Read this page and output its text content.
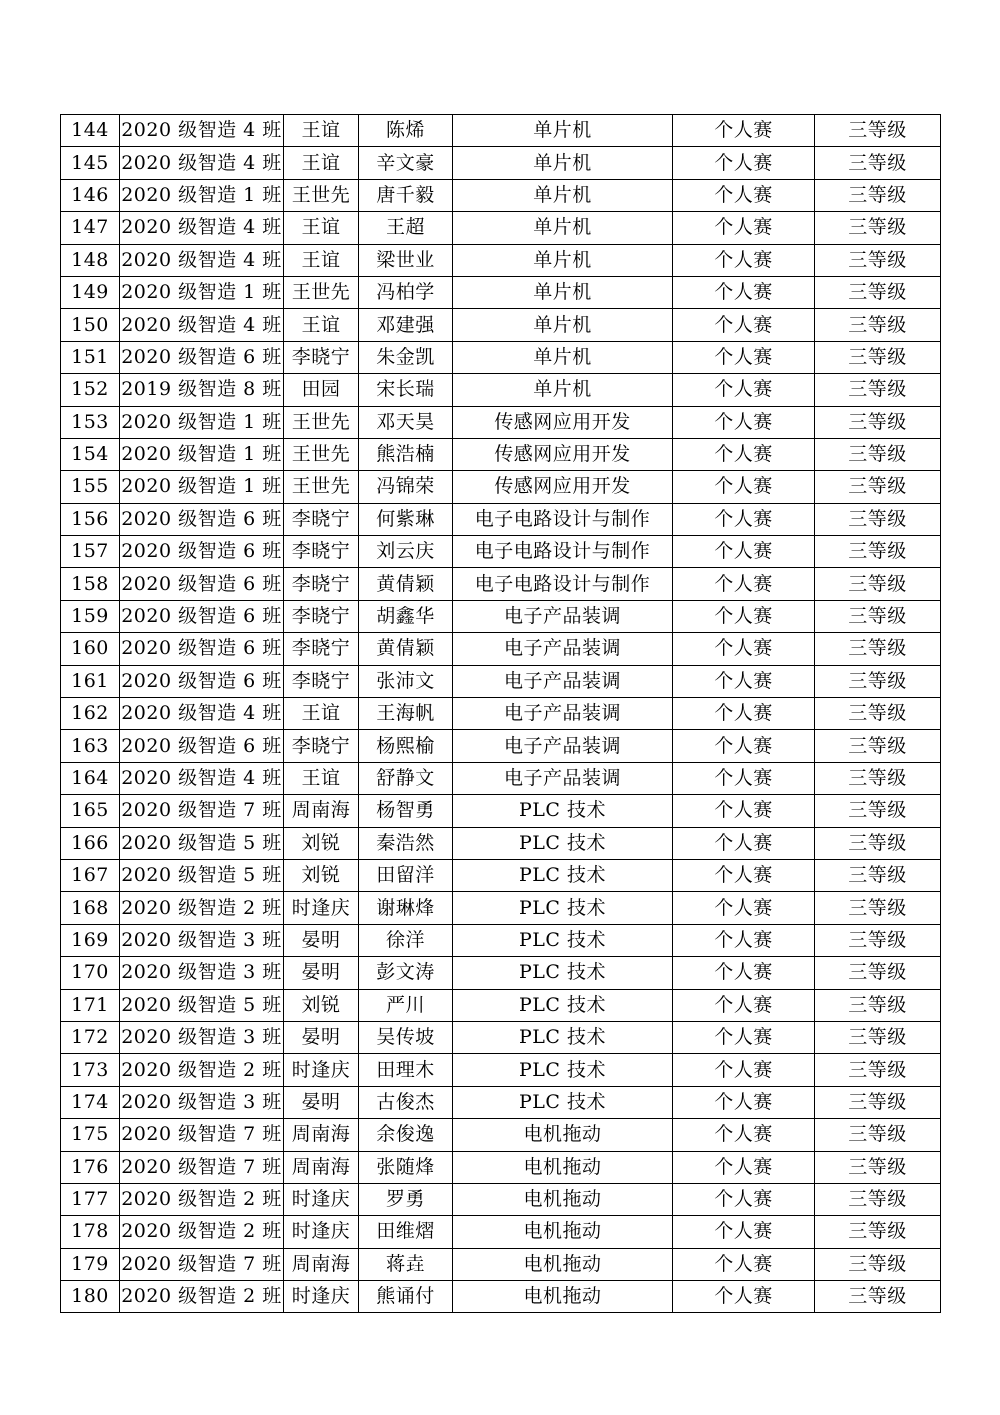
144	2020 级智造 4 班	王谊	陈烯	单片机	个人赛	三等级
145	2020 级智造 4 班	王谊	辛文豪	单片机	个人赛	三等级
146	2020 级智造 1 班	王世先	唐千毅	单片机	个人赛	三等级
147	2020 级智造 4 班	王谊	王超	单片机	个人赛	三等级
148	2020 级智造 4 班	王谊	梁世业	单片机	个人赛	三等级
149	2020 级智造 1 班	王世先	冯柏学	单片机	个人赛	三等级
150	2020 级智造 4 班	王谊	邓建强	单片机	个人赛	三等级
151	2020 级智造 6 班	李晓宁	朱金凯	单片机	个人赛	三等级
152	2019 级智造 8 班	田园	宋长瑞	单片机	个人赛	三等级
153	2020 级智造 1 班	王世先	邓天昊	传感网应用开发	个人赛	三等级
154	2020 级智造 1 班	王世先	熊浩楠	传感网应用开发	个人赛	三等级
155	2020 级智造 1 班	王世先	冯锦荣	传感网应用开发	个人赛	三等级
156	2020 级智造 6 班	李晓宁	何紫琳	电子电路设计与制作	个人赛	三等级
157	2020 级智造 6 班	李晓宁	刘云庆	电子电路设计与制作	个人赛	三等级
158	2020 级智造 6 班	李晓宁	黄倩颖	电子电路设计与制作	个人赛	三等级
159	2020 级智造 6 班	李晓宁	胡鑫华	电子产品装调	个人赛	三等级
160	2020 级智造 6 班	李晓宁	黄倩颖	电子产品装调	个人赛	三等级
161	2020 级智造 6 班	李晓宁	张沛文	电子产品装调	个人赛	三等级
162	2020 级智造 4 班	王谊	王海帆	电子产品装调	个人赛	三等级
163	2020 级智造 6 班	李晓宁	杨熙榆	电子产品装调	个人赛	三等级
164	2020 级智造 4 班	王谊	舒静文	电子产品装调	个人赛	三等级
165	2020 级智造 7 班	周南海	杨智勇	PLC 技术	个人赛	三等级
166	2020 级智造 5 班	刘锐	秦浩然	PLC 技术	个人赛	三等级
167	2020 级智造 5 班	刘锐	田留洋	PLC 技术	个人赛	三等级
168	2020 级智造 2 班	时逢庆	谢琳烽	PLC 技术	个人赛	三等级
169	2020 级智造 3 班	晏明	徐洋	PLC 技术	个人赛	三等级
170	2020 级智造 3 班	晏明	彭文涛	PLC 技术	个人赛	三等级
171	2020 级智造 5 班	刘锐	严川	PLC 技术	个人赛	三等级
172	2020 级智造 3 班	晏明	吴传坡	PLC 技术	个人赛	三等级
173	2020 级智造 2 班	时逢庆	田理木	PLC 技术	个人赛	三等级
174	2020 级智造 3 班	晏明	古俊杰	PLC 技术	个人赛	三等级
175	2020 级智造 7 班	周南海	余俊逸	电机拖动	个人赛	三等级
176	2020 级智造 7 班	周南海	张随烽	电机拖动	个人赛	三等级
177	2020 级智造 2 班	时逢庆	罗勇	电机拖动	个人赛	三等级
178	2020 级智造 2 班	时逢庆	田维熠	电机拖动	个人赛	三等级
179	2020 级智造 7 班	周南海	蒋垚	电机拖动	个人赛	三等级
180	2020 级智造 2 班	时逢庆	熊诵付	电机拖动	个人赛	三等级
